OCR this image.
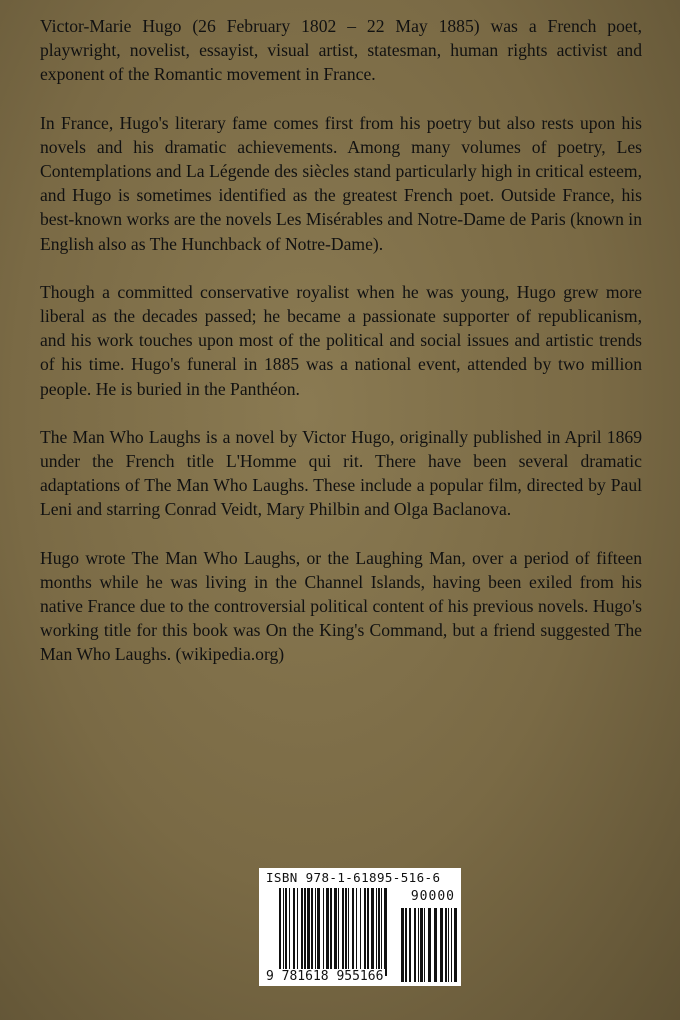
Victor-Marie Hugo (26 February 1802 – 22 May 1885) was a French poet, playwright, novelist, essayist, visual artist, statesman, human rights activist and exponent of the Romantic movement in France.

In France, Hugo's literary fame comes first from his poetry but also rests upon his novels and his dramatic achievements. Among many volumes of poetry, Les Contemplations and La Légende des siècles stand particularly high in critical esteem, and Hugo is sometimes identified as the greatest French poet. Outside France, his best-known works are the novels Les Misérables and Notre-Dame de Paris (known in English also as The Hunchback of Notre-Dame).

Though a committed conservative royalist when he was young, Hugo grew more liberal as the decades passed; he became a passionate supporter of republicanism, and his work touches upon most of the political and social issues and artistic trends of his time. Hugo's funeral in 1885 was a national event, attended by two million people. He is buried in the Panthéon.

The Man Who Laughs is a novel by Victor Hugo, originally published in April 1869 under the French title L'Homme qui rit. There have been several dramatic adaptations of The Man Who Laughs. These include a popular film, directed by Paul Leni and starring Conrad Veidt, Mary Philbin and Olga Baclanova.

Hugo wrote The Man Who Laughs, or the Laughing Man, over a period of fifteen months while he was living in the Channel Islands, having been exiled from his native France due to the controversial political content of his previous novels. Hugo's working title for this book was On the King's Command, but a friend suggested The Man Who Laughs. (wikipedia.org)

ISBN 978-1-61895-516-6
90000
9 781618 955166
